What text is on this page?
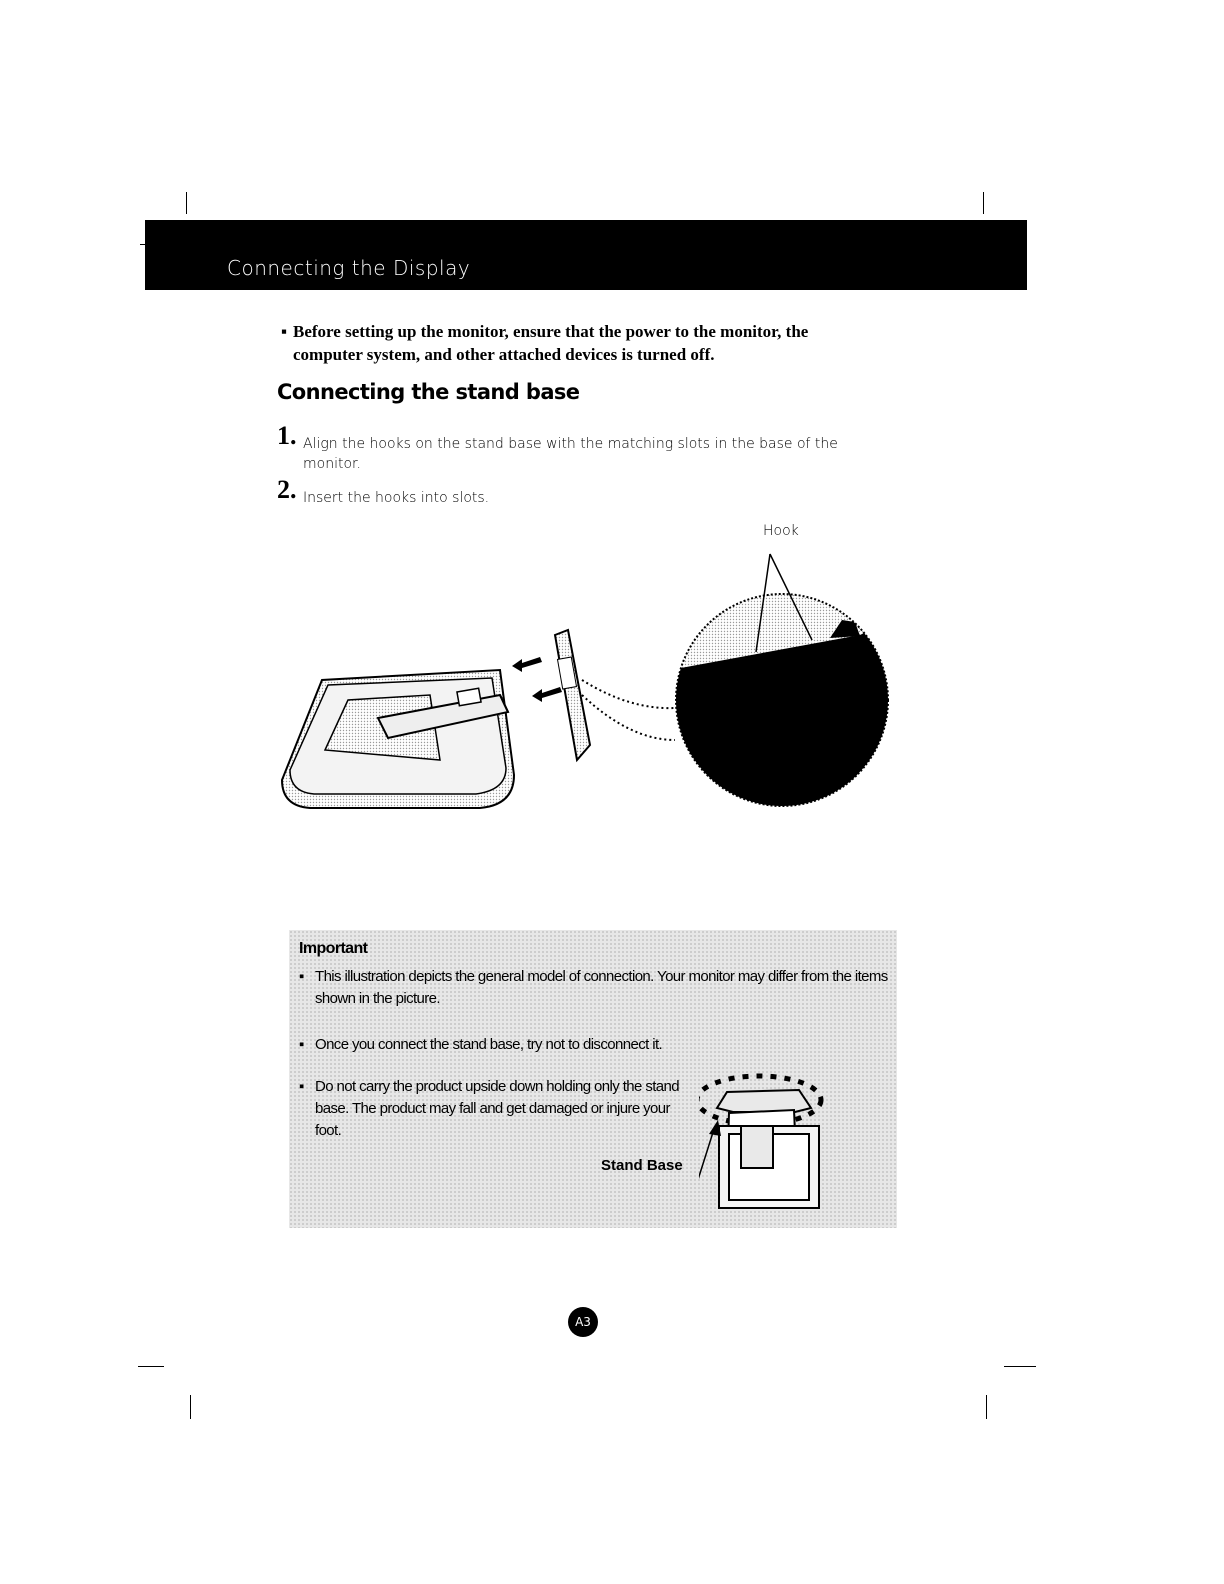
Connecting the Display
▪ Before setting up the monitor, ensure that the power to the monitor, the computer system, and other attached devices is turned off.
Connecting the stand base
1. Align the hooks on the stand base with the matching slots in the base of the monitor.
2. Insert the hooks into slots.
Hook
Important
▪ This illustration depicts the general model of connection. Your monitor may differ from the items shown in the picture.
▪ Once you connect the stand base, try not to disconnect it.
▪ Do not carry the product upside down holding only the stand base. The product may fall and get damaged or injure your foot.
Stand Base
A3
